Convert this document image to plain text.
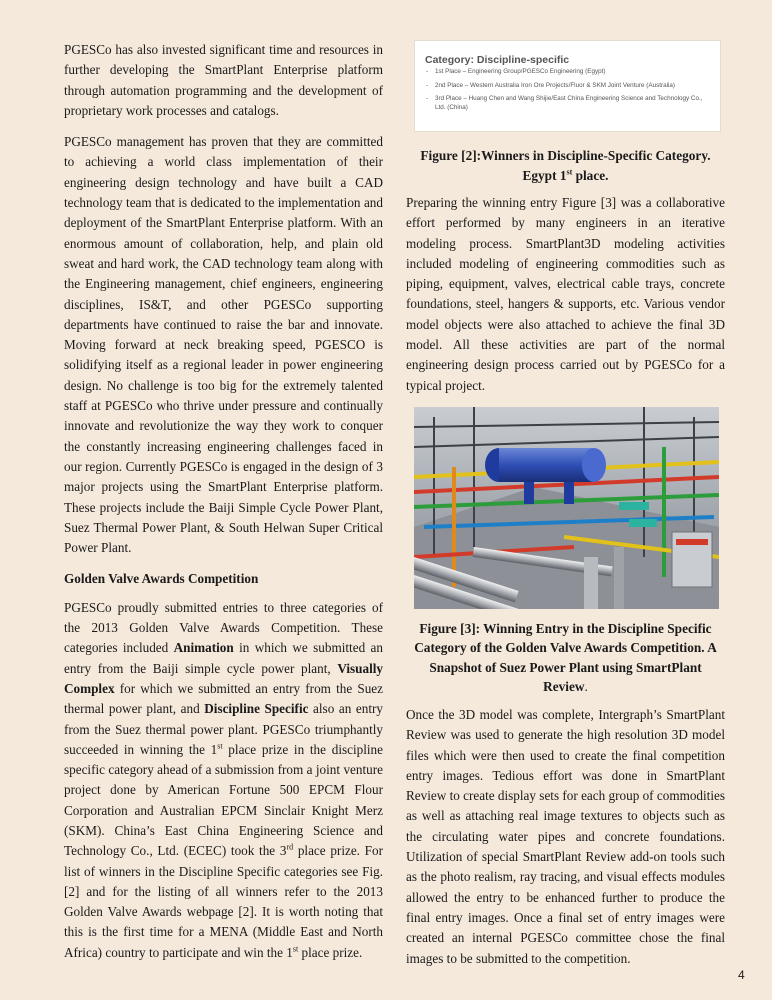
PGESCo has also invested significant time and resources in further developing the SmartPlant Enterprise platform through automation programming and the development of proprietary work processes and catalogs.

PGESCo management has proven that they are committed to achieving a world class implementation of their engineering design technology and have built a CAD technology team that is dedicated to the implementation and deployment of the SmartPlant Enterprise platform. With an enormous amount of collaboration, help, and plain old sweat and hard work, the CAD technology team along with the Engineering management, chief engineers, engineering disciplines, IS&T, and other PGESCo supporting departments have continued to raise the bar and innovate. Moving forward at neck breaking speed, PGESCO is solidifying itself as a regional leader in power engineering design. No challenge is too big for the extremely talented staff at PGESCo who thrive under pressure and continually innovate and revolutionize the way they work to conquer the constantly increasing engineering challenges faced in our region. Currently PGESCo is engaged in the design of 3 major projects using the SmartPlant Enterprise platform. These projects include the Baiji Simple Cycle Power Plant, Suez Thermal Power Plant, & South Helwan Super Critical Power Plant.

Golden Valve Awards Competition

PGESCo proudly submitted entries to three categories of the 2013 Golden Valve Awards Competition. These categories included Animation in which we submitted an entry from the Baiji simple cycle power plant, Visually Complex for which we submitted an entry from the Suez thermal power plant, and Discipline Specific also an entry from the Suez thermal power plant. PGESCo triumphantly succeeded in winning the 1st place prize in the discipline specific category ahead of a submission from a joint venture project done by American Fortune 500 EPCM Flour Corporation and Australian EPCM Sinclair Knight Merz (SKM). China’s East China Engineering Science and Technology Co., Ltd. (ECEC) took the 3rd place prize. For list of winners in the Discipline Specific categories see Fig. [2] and for the listing of all winners refer to the 2013 Golden Valve Awards webpage [2]. It is worth noting that this is the first time for a MENA (Middle East and North Africa) country to participate and win the 1st place prize.

Category: Discipline-specific
- 1st Place – Engineering Group/PGESCo Engineering (Egypt)
- 2nd Place – Western Australia Iron Ore Projects/Fluor & SKM Joint Venture (Australia)
- 3rd Place – Huang Chen and Wang Shijie/East China Engineering Science and Technology Co., Ltd. (China)

Figure [2]:Winners in Discipline-Specific Category. Egypt 1st place.

Preparing the winning entry Figure [3] was a collaborative effort performed by many engineers in an iterative modeling process. SmartPlant3D modeling activities included modeling of engineering commodities such as piping, equipment, valves, electrical cable trays, concrete foundations, steel, hangers & supports, etc. Various vendor model objects were also attached to achieve the final 3D model. All these activities are part of the normal engineering design process carried out by PGESCo for a typical project.

Figure [3]: Winning Entry in the Discipline Specific Category of the Golden Valve Awards Competition. A Snapshot of Suez Power Plant using SmartPlant Review.

Once the 3D model was complete, Intergraph’s SmartPlant Review was used to generate the high resolution 3D model files which were then used to create the final competition entry images. Tedious effort was done in SmartPlant Review to create display sets for each group of commodities as well as attaching real image textures to objects such as the circulating water pipes and concrete foundations. Utilization of special SmartPlant Review add-on tools such as the photo realism, ray tracing, and visual effects modules allowed the entry to be enhanced further to produce the final entry images. Once a final set of entry images were created an internal PGESCo committee chose the final images to be submitted to the competition.

4
